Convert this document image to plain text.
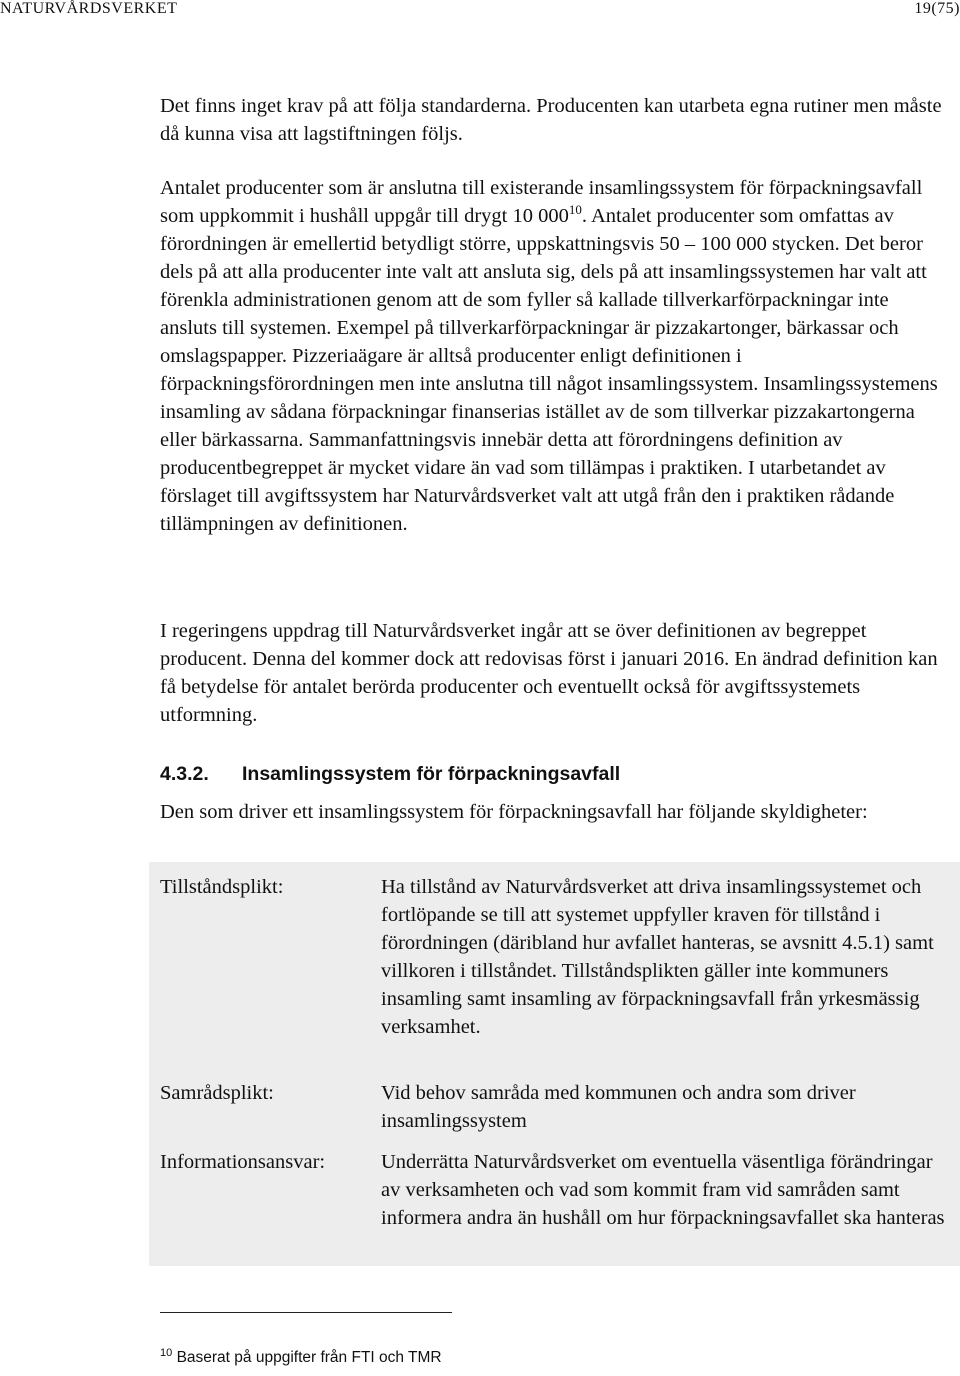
NATURVÅRDSVERKET	19(75)

Det finns inget krav på att följa standarderna. Producenten kan utarbeta egna rutiner men måste då kunna visa att lagstiftningen följs.

Antalet producenter som är anslutna till existerande insamlingssystem för förpackningsavfall som uppkommit i hushåll uppgår till drygt 10 $000^{10}$. Antalet producenter som omfattas av förordningen är emellertid betydligt större, uppskattningsvis 50 – 100 000 stycken. Det beror dels på att alla producenter inte valt att ansluta sig, dels på att insamlingssystemen har valt att förenkla administrationen genom att de som fyller så kallade tillverkarförpackningar inte ansluts till systemen. Exempel på tillverkarförpackningar är pizzakartonger, bärkassar och omslagspapper. Pizzeriaägare är alltså producenter enligt definitionen i förpackningsförordningen men inte anslutna till något insamlingssystem. Insamlingssystemens insamling av sådana förpackningar finanserias istället av de som tillverkar pizzakartongerna eller bärkassarna. Sammanfattningsvis innebär detta att förordningens definition av producentbegreppet är mycket vidare än vad som tillämpas i praktiken. I utarbetandet av förslaget till avgiftssystem har Naturvårdsverket valt att utgå från den i praktiken rådande tillämpningen av definitionen.

I regeringens uppdrag till Naturvårdsverket ingår att se över definitionen av begreppet producent. Denna del kommer dock att redovisas först i januari 2016. En ändrad definition kan få betydelse för antalet berörda producenter och eventuellt också för avgiftssystemets utformning.

4.3.2. Insamlingssystem för förpackningsavfall

Den som driver ett insamlingssystem för förpackningsavfall har följande skyldigheter:

Tillståndsplikt:	Ha tillstånd av Naturvårdsverket att driva insamlingssystemet och fortlöpande se till att systemet uppfyller kraven för tillstånd i förordningen (däribland hur avfallet hanteras, se avsnitt 4.5.1) samt villkoren i tillståndet. Tillståndsplikten gäller inte kommuners insamling samt insamling av förpackningsavfall från yrkesmässig verksamhet.
Samrådsplikt:	Vid behov samråda med kommunen och andra som driver insamlingssystem
Informationsansvar:	Underrätta Naturvårdsverket om eventuella väsentliga förändringar av verksamheten och vad som kommit fram vid samråden samt informera andra än hushåll om hur förpackningsavfallet ska hanteras
$^{10}$ Baserat på uppgifter från FTI och TMR
